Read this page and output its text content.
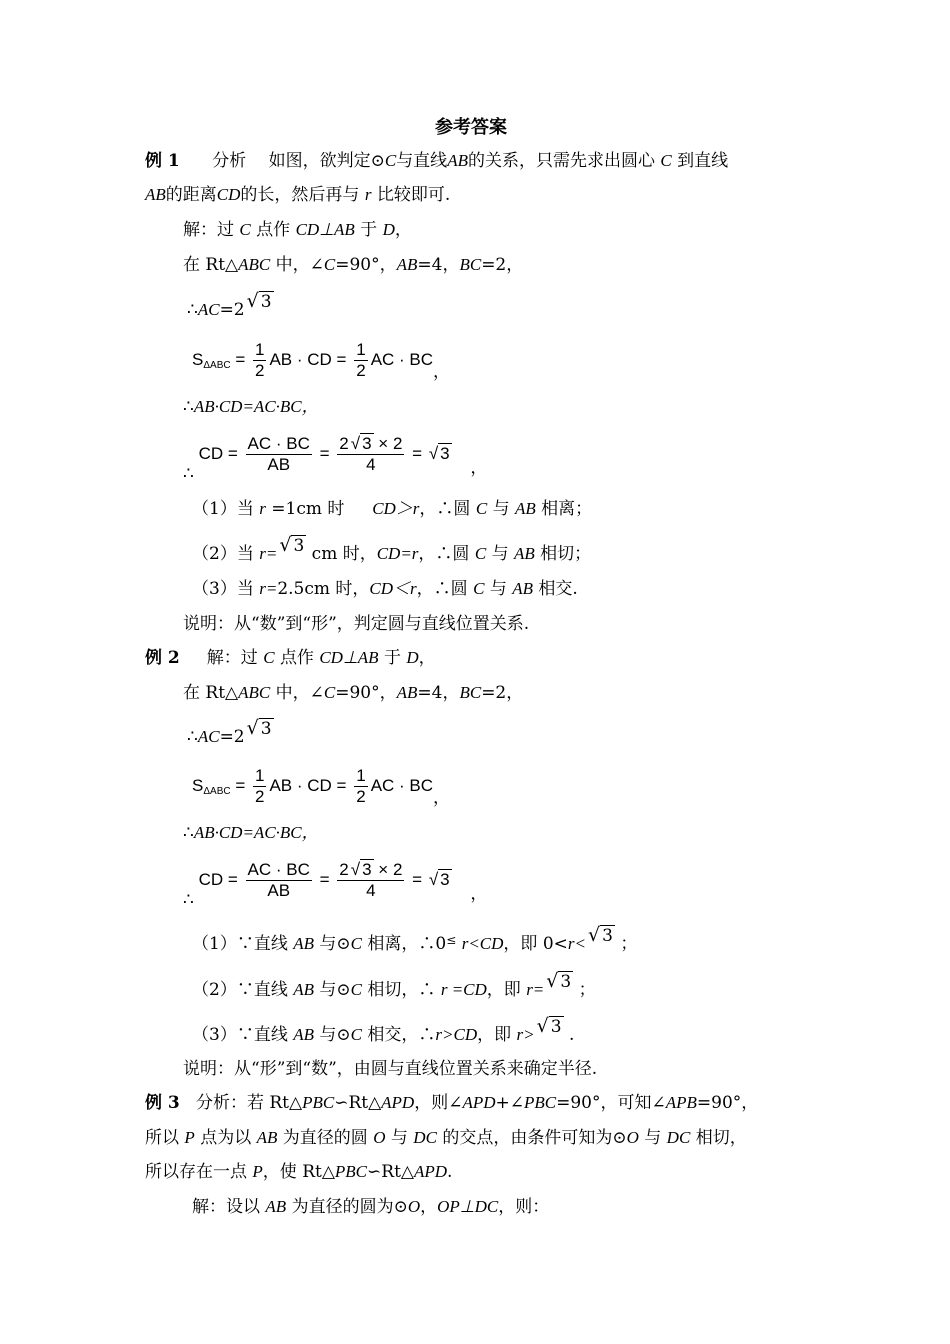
参考答案
例 1 分析　 如图，欲判定⊙C与直线AB的关系，只需先求出圆心 C 到直线
AB的距离CD的长，然后再与 r 比较即可.
解：过 C 点作 CD⊥AB 于 D，
在 Rt△ABC 中，∠C=90°，AB=4，BC=2，
∴AC=2 √ 3
$S_{\Delta ABC} = \frac{1}{2}$ AB · CD = $\frac{1}{2}$ AC · BC，
∴AB·CD=AC·BC，
∴ CD = $\frac{AC \cdot BC}{AB} = \frac{2 √ 3 \times 2}{4}$ = √ 3 ，
（1）当 r =1cm 时　  CD＞r，∴圆 C 与 AB 相离；
（2）当 r= √ 3 cm 时，CD=r，∴圆 C 与 AB 相切；
（3）当 r=2.5cm 时，CD＜r，∴圆 C 与 AB 相交.
说明：从“数”到“形”，判定圆与直线位置关系.
例 2 解：过 C 点作 CD⊥AB 于 D，
在 Rt△ABC 中，∠C=90°，AB=4，BC=2，
∴AC=2 √ 3
$S_{\Delta ABC} = \frac{1}{2}$ AB · CD = $\frac{1}{2}$ AC · BC，
∴AB·CD=AC·BC，
∴ CD = $\frac{AC \cdot BC}{AB} = \frac{2 √ 3 \times 2}{4}$ = √ 3 ，
（1）∵直线 AB 与⊙C 相离，∴0≤ r<CD，即 0<r< √ 3 ；
（2）∵直线 AB 与⊙C 相切，∴ r =CD，即 r= √ 3 ；
（3）∵直线 AB 与⊙C 相交，∴r>CD，即 r> √ 3 .
说明：从“形”到“数”，由圆与直线位置关系来确定半径.
例 3 分析：若 Rt△PBC∽Rt△APD，则∠APD+∠PBC=90°，可知∠APB=90°，
所以 P 点为以 AB 为直径的圆 O 与 DC 的交点，由条件可知为⊙O 与 DC 相切，
所以存在一点 P，使 Rt△PBC∽Rt△APD.
解：设以 AB 为直径的圆为⊙O，OP⊥DC，则：
